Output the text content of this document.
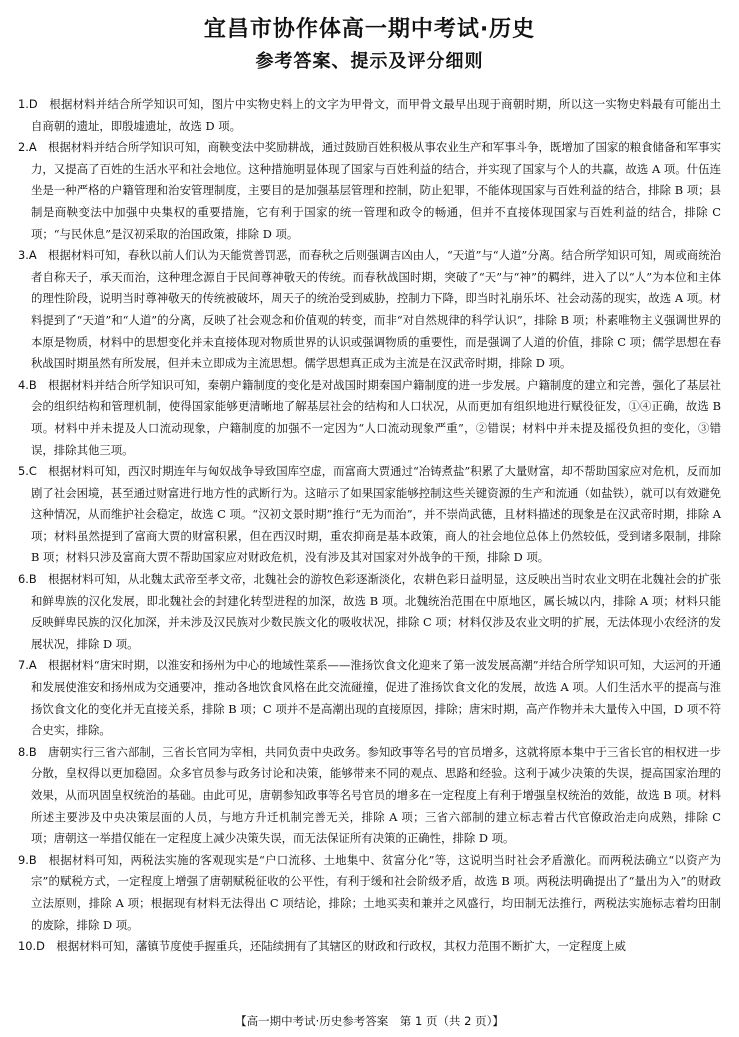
宜昌市协作体高一期中考试·历史
参考答案、提示及评分细则

1.D　 根据材料并结合所学知识可知，图片中实物史料上的文字为甲骨文，而甲骨文最早出现于商朝时期，所以这一实物史料最有可能出土自商朝的遗址，即殷墟遗址，故选 D 项。

2.A　 根据材料并结合所学知识可知，商鞅变法中奖励耕战，通过鼓励百姓积极从事农业生产和军事斗争，既增加了国家的粮食储备和军事实力，又提高了百姓的生活水平和社会地位。这种措施明显体现了国家与百姓利益的结合，并实现了国家与个人的共赢，故选 A 项。什伍连坐是一种严格的户籍管理和治安管理制度，主要目的是加强基层管理和控制，防止犯罪，不能体现国家与百姓利益的结合，排除 B 项；县制是商鞅变法中加强中央集权的重要措施，它有利于国家的统一管理和政令的畅通，但并不直接体现国家与百姓利益的结合，排除 C 项；“与民休息”是汉初采取的治国政策，排除 D 项。

3.A　 根据材料可知，春秋以前人们认为天能赏善罚恶，而春秋之后则强调吉凶由人，“天道”与“人道”分离。结合所学知识可知，周或商统治者自称天子，承天而治，这种理念源自于民间尊神敬天的传统。而春秋战国时期，突破了“天”与“神”的羁绊，进入了以“人”为本位和主体的理性阶段，说明当时尊神敬天的传统被破坏，周天子的统治受到威胁，控制力下降，即当时礼崩乐坏、社会动荡的现实，故选 A 项。材料提到了“天道”和“人道”的分离，反映了社会观念和价值观的转变，而非“对自然规律的科学认识”，排除 B 项；朴素唯物主义强调世界的本原是物质，材料中的思想变化并未直接体现对物质世界的认识或强调物质的重要性，而是强调了人道的价值，排除 C 项；儒学思想在春秋战国时期虽然有所发展，但并未立即成为主流思想。儒学思想真正成为主流是在汉武帝时期，排除 D 项。

4.B　 根据材料并结合所学知识可知，秦朝户籍制度的变化是对战国时期秦国户籍制度的进一步发展。户籍制度的建立和完善，强化了基层社会的组织结构和管理机制，使得国家能够更清晰地了解基层社会的结构和人口状况，从而更加有组织地进行赋役征发，①④正确，故选 B 项。材料中并未提及人口流动现象，户籍制度的加强不一定因为“人口流动现象严重”，②错误；材料中并未提及摇役负担的变化，③错误，排除其他三项。

5.C　 根据材料可知，西汉时期连年与匈奴战争导致国库空虚，而富商大贾通过“冶铸煮盐”积累了大量财富，却不帮助国家应对危机，反而加剧了社会困境，甚至通过财富进行地方性的武断行为。这暗示了如果国家能够控制这些关键资源的生产和流通（如盐铁），就可以有效避免这种情况，从而维护社会稳定，故选 C 项。“汉初文景时期”推行“无为而治”，并不崇尚武德，且材料描述的现象是在汉武帝时期，排除 A 项；材料虽然提到了富商大贾的财富积累，但在西汉时期，重农抑商是基本政策，商人的社会地位总体上仍然较低，受到诸多限制，排除 B 项；材料只涉及富商大贾不帮助国家应对财政危机，没有涉及其对国家对外战争的干预，排除 D 项。

6.B　 根据材料可知，从北魏太武帝至孝文帝，北魏社会的游牧色彩逐渐淡化，农耕色彩日益明显，这反映出当时农业文明在北魏社会的扩张和鲜卑族的汉化发展，即北魏社会的封建化转型进程的加深，故选 B 项。北魏统治范围在中原地区，属长城以内，排除 A 项；材料只能反映鲜卑民族的汉化加深，并未涉及汉民族对少数民族文化的吸收状况，排除 C 项；材料仅涉及农业文明的扩展，无法体现小农经济的发展状况，排除 D 项。

7.A　 根据材料“唐宋时期，以淮安和扬州为中心的地域性菜系——淮扬饮食文化迎来了第一波发展高潮”并结合所学知识可知，大运河的开通和发展使淮安和扬州成为交通要冲，推动各地饮食风格在此交流碰撞，促进了淮扬饮食文化的发展，故选 A 项。人们生活水平的提高与淮扬饮食文化的变化并无直接关系，排除 B 项；C 项并不是高潮出现的直接原因，排除；唐宋时期，高产作物并未大量传入中国，D 项不符合史实，排除。

8.B　 唐朝实行三省六部制，三省长官同为宰相，共同负责中央政务。参知政事等名号的官员增多，这就将原本集中于三省长官的相权进一步分散，皇权得以更加稳固。众多官员参与政务讨论和决策，能够带来不同的观点、思路和经验。这利于减少决策的失误，提高国家治理的效果，从而巩固皇权统治的基础。由此可见，唐朝参知政事等名号官员的增多在一定程度上有利于增强皇权统治的效能，故选 B 项。材料所述主要涉及中央决策层面的人员，与地方升迁机制完善无关，排除 A 项；三省六部制的建立标志着古代官僚政治走向成熟，排除 C 项；唐朝这一举措仅能在一定程度上减少决策失误，而无法保证所有决策的正确性，排除 D 项。

9.B　 根据材料可知，两税法实施的客观现实是“户口流移、土地集中、贫富分化”等，这说明当时社会矛盾激化。而两税法确立“以资产为宗”的赋税方式，一定程度上增强了唐朝赋税征收的公平性，有利于缓和社会阶级矛盾，故选 B 项。两税法明确提出了“量出为入”的财政立法原则，排除 A 项；根据现有材料无法得出 C 项结论，排除；土地买卖和兼并之风盛行，均田制无法推行，两税法实施标志着均田制的废除，排除 D 项。

10.D　 根据材料可知，藩镇节度使手握重兵，还陆续拥有了其辖区的财政和行政权，其权力范围不断扩大，一定程度上威

【高一期中考试·历史参考答案　第 1 页（共 2 页）】
